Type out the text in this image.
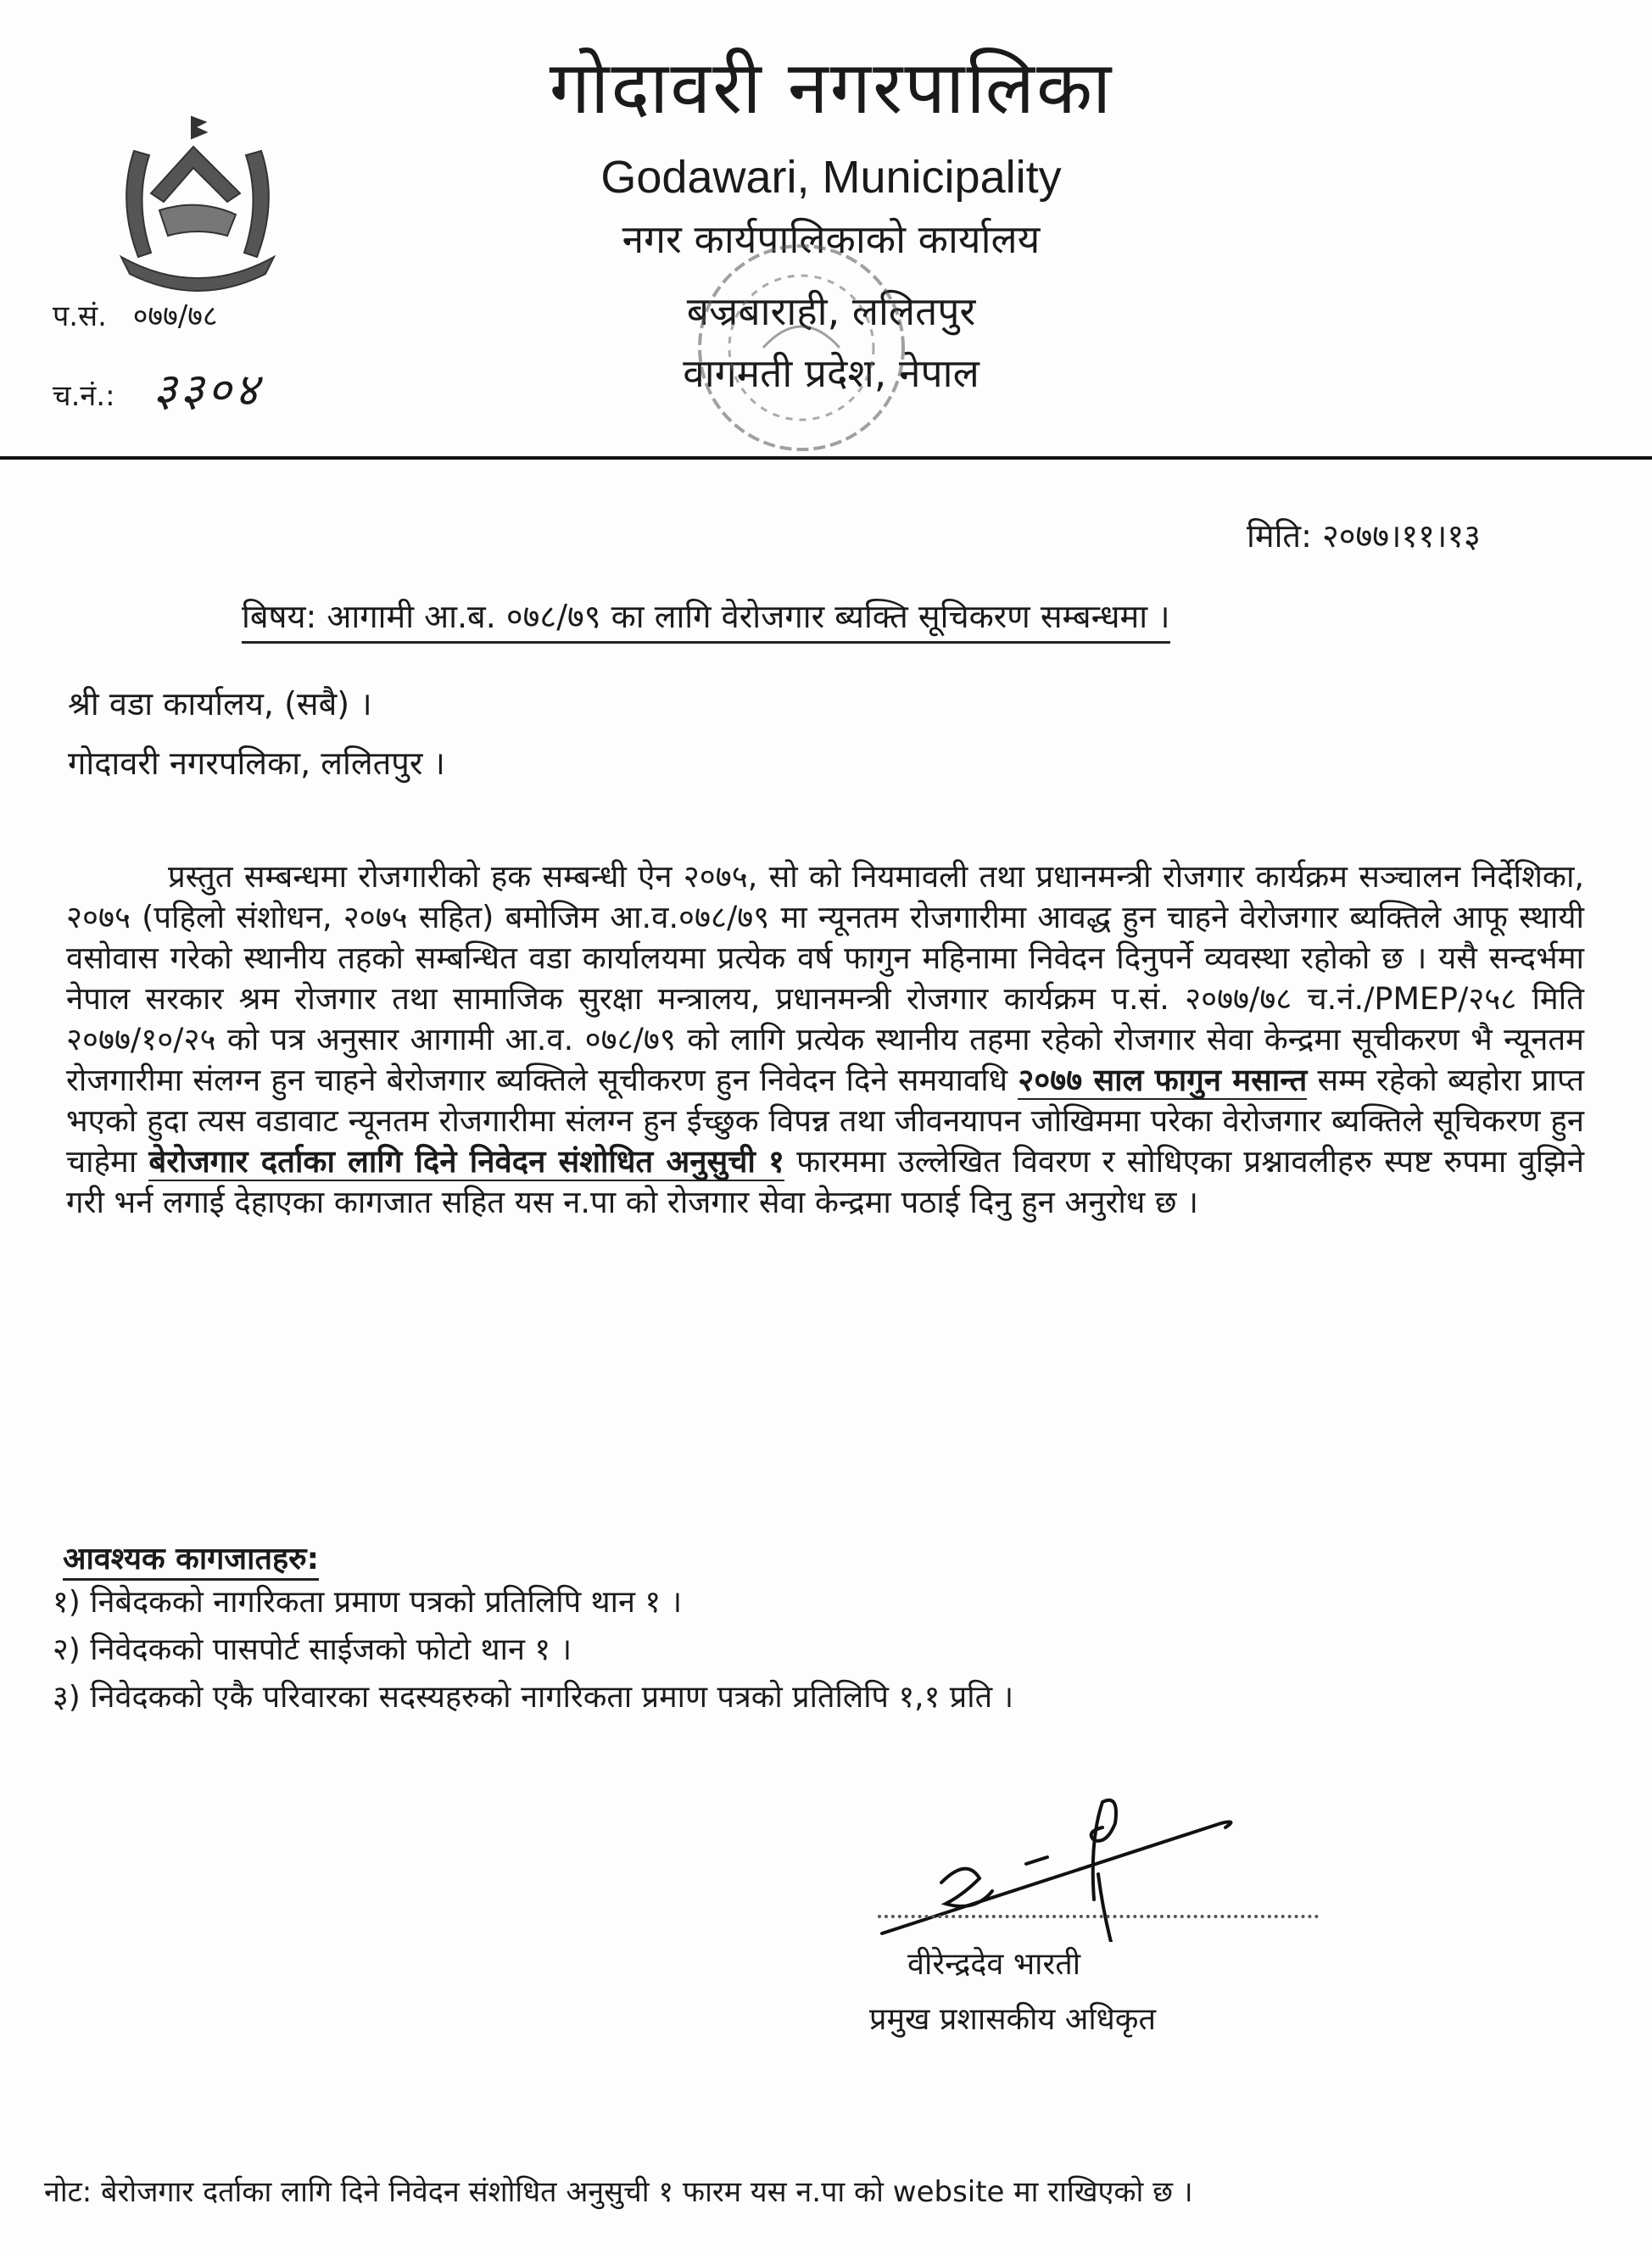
गोदावरी नगरपालिका
Godawari, Municipality
नगर कार्यपालिकाको कार्यालय
बज्रबाराही, ललितपुर
वागमती प्रदेश, नेपाल
प.सं. ०७७/७८
च.नं.: ३३०४
मिति: २०७७।११।१३
बिषय: आगामी आ.ब. ०७८/७९ का लागि वेरोजगार ब्यक्ति सूचिकरण सम्बन्धमा ।
श्री वडा कार्यालय, (सबै) ।
गोदावरी नगरपलिका, ललितपुर ।
प्रस्तुत सम्बन्धमा रोजगारीको हक सम्बन्धी ऐन २०७५, सो को नियमावली तथा प्रधानमन्त्री रोजगार कार्यक्रम सञ्चालन निर्देशिका, २०७५ (पहिलो संशोधन, २०७५ सहित) बमोजिम आ.व.०७८/७९ मा न्यूनतम रोजगारीमा आवद्ध हुन चाहने वेरोजगार ब्यक्तिले आफू स्थायी वसोवास गरेको स्थानीय तहको सम्बन्धित वडा कार्यालयमा प्रत्येक वर्ष फागुन महिनामा निवेदन दिनुपर्ने व्यवस्था रहोको छ । यसै सन्दर्भमा नेपाल सरकार श्रम रोजगार तथा सामाजिक सुरक्षा मन्त्रालय, प्रधानमन्त्री रोजगार कार्यक्रम प.सं. २०७७/७८ च.नं./PMEP/२५८ मिति २०७७/१०/२५ को पत्र अनुसार आगामी आ.व. ०७८/७९ को लागि प्रत्येक स्थानीय तहमा रहेको रोजगार सेवा केन्द्रमा सूचीकरण भै न्यूनतम रोजगारीमा संलग्न हुन चाहने बेरोजगार ब्यक्तिले सूचीकरण हुन निवेदन दिने समयावधि २०७७ साल फागुन मसान्त सम्म रहेको ब्यहोरा प्राप्त भएको हुदा त्यस वडावाट न्यूनतम रोजगारीमा संलग्न हुन ईच्छुक विपन्न तथा जीवनयापन जोखिममा परेका वेरोजगार ब्यक्तिले सूचिकरण हुन चाहेमा बेरोजगार दर्ताका लागि दिने निवेदन संशोधित अनुसुची १ फारममा उल्लेखित विवरण र सोधिएका प्रश्नावलीहरु स्पष्ट रुपमा वुझिने गरी भर्न लगाई देहाएका कागजात सहित यस न.पा को रोजगार सेवा केन्द्रमा पठाई दिनु हुन अनुरोध छ ।
आवश्यक कागजातहरु:
१) निबेदकको नागरिकता प्रमाण पत्रको प्रतिलिपि थान १ ।
२) निवेदकको पासपोर्ट साईजको फोटो थान १ ।
३) निवेदकको एकै परिवारका सदस्यहरुको नागरिकता प्रमाण पत्रको प्रतिलिपि १,१ प्रति ।
वीरेन्द्रदेव भारती
प्रमुख प्रशासकीय अधिकृत
नोट: बेरोजगार दर्ताका लागि दिने निवेदन संशोधित अनुसुची १ फारम यस न.पा को website मा राखिएको छ ।
